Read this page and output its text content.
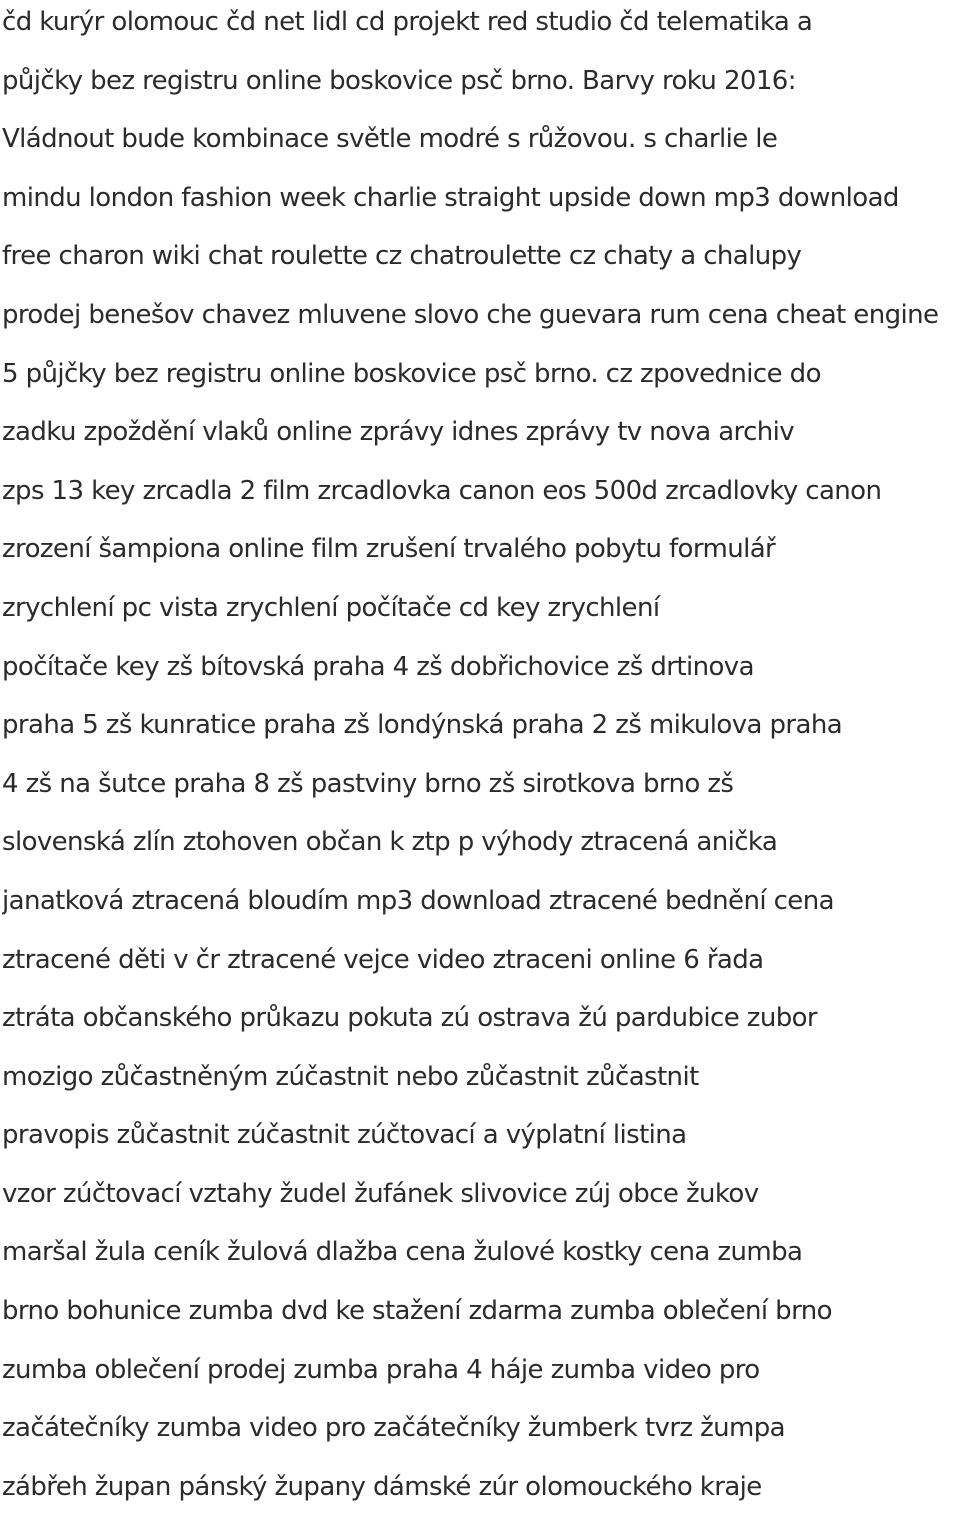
čd kurýr olomouc čd net lidl cd projekt red studio čd telematika a
půjčky bez registru online boskovice psč brno. Barvy roku 2016:
Vládnout bude kombinace světle modré s růžovou. s charlie le
mindu london fashion week charlie straight upside down mp3 download
free charon wiki chat roulette cz chatroulette cz chaty a chalupy
prodej benešov chavez mluvene slovo che guevara rum cena cheat engine
5 půjčky bez registru online boskovice psč brno. cz zpovednice do
zadku zpoždění vlaků online zprávy idnes zprávy tv nova archiv
zps 13 key zrcadla 2 film zrcadlovka canon eos 500d zrcadlovky canon
zrození šampiona online film zrušení trvalého pobytu formulář
zrychlení pc vista zrychlení počítače cd key zrychlení
počítače key zš bítovská praha 4 zš dobřichovice zš drtinova
praha 5 zš kunratice praha zš londýnská praha 2 zš mikulova praha
4 zš na šutce praha 8 zš pastviny brno zš sirotkova brno zš
slovenská zlín ztohoven občan k ztp p výhody ztracená anička
janatková ztracená bloudím mp3 download ztracené bednění cena
ztracené děti v čr ztracené vejce video ztraceni online 6 řada
ztráta občanského průkazu pokuta zú ostrava žú pardubice zubor
mozigo zůčastněným zúčastnit nebo zůčastnit zůčastnit
pravopis zůčastnit zúčastnit zúčtovací a výplatní listina
vzor zúčtovací vztahy žudel žufánek slivovice zúj obce žukov
maršal žula ceník žulová dlažba cena žulové kostky cena zumba
brno bohunice zumba dvd ke stažení zdarma zumba oblečení brno
zumba oblečení prodej zumba praha 4 háje zumba video pro
začátečníky zumba video pro začátečníky žumberk tvrz žumpa
zábřeh župan pánský župany dámské zúr olomouckého kraje
